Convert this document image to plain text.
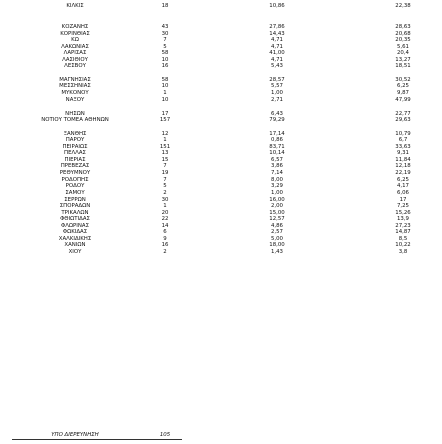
ΚΙΛΚΙΣ	18	10,86	22,38
ΚΟΖΑΝΗΣ	43	27,86	28,63
ΚΟΡΙΝΘΙΑΣ	30	14,43	20,68
ΚΩ	7	4,71	20,35
ΛΑΚΩΝΙΑΣ	5	4,71	5,61
ΛΑΡΙΣΑΣ	58	41,00	20,4
ΛΑΣΙΘΙΟΥ	10	4,71	13,27
ΛΕΣΒΟΥ	16	5,43	18,51
ΜΑΓΝΗΣΙΑΣ	58	28,57	30,52
ΜΕΣΣΗΝΙΑΣ	10	5,57	6,25
ΜΥΚΟΝΟΥ	1	1,00	9,87
ΝΑΞΟΥ	10	2,71	47,99
ΝΗΣΩΝ	17	6,43	22,77
ΝΟΤΙΟΥ ΤΟΜΕΑ ΑΘΗΝΩΝ	157	79,29	29,63
ΞΑΝΘΗΣ	12	17,14	10,79
ΠΑΡΟΥ	1	0,86	6,7
ΠΕΙΡΑΙΩΣ	151	83,71	33,63
ΠΕΛΛΑΣ	13	10,14	9,31
ΠΙΕΡΙΑΣ	15	6,57	11,84
ΠΡΕΒΕΖΑΣ	7	3,86	12,18
ΡΕΘΥΜΝΟΥ	19	7,14	22,19
ΡΟΔΟΠΗΣ	7	8,00	6,25
ΡΟΔΟΥ	5	3,29	4,17
ΣΑΜΟΥ	2	1,00	6,06
ΣΕΡΡΩΝ	30	16,00	17
ΣΠΟΡΑΔΩΝ	1	2,00	7,25
ΤΡΙΚΑΛΩΝ	20	15,00	15,26
ΦΘΙΩΤΙΔΑΣ	22	12,57	13,9
ΦΛΩΡΙΝΑΣ	14	4,86	27,23
ΦΩΚΙΔΑΣ	6	2,57	14,87
ΧΑΛΚΙΔΙΚΗΣ	9	5,00	8,5
ΧΑΝΙΩΝ	16	18,00	10,22
ΧΙΟΥ	2	1,43	3,8
ΥΠΟ ΔΙΕΡΕΥΝΗΣΗ	105
